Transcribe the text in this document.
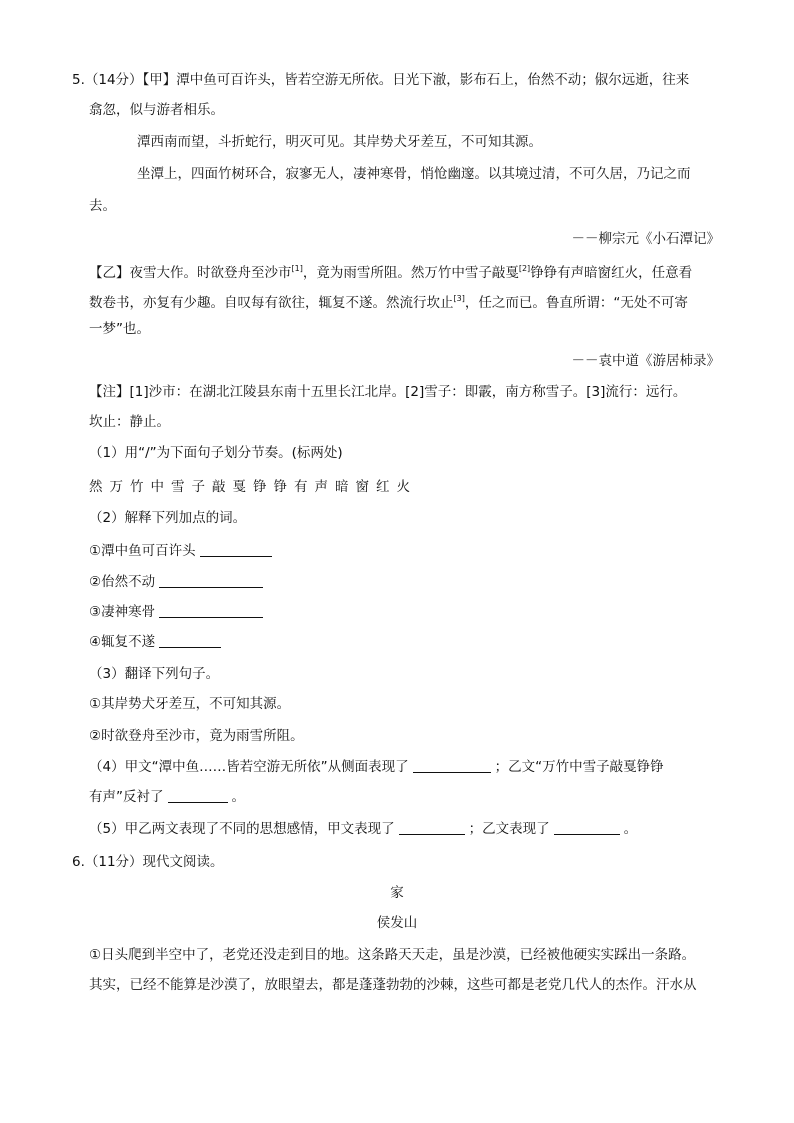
5.（14分）【甲】潭中鱼可百许头，皆若空游无所依。日光下澈，影布石上，佁然不动；俶尔远逝，往来
翕忽，似与游者相乐。
潭西南而望，斗折蛇行，明灭可见。其岸势犬牙差互，不可知其源。
坐潭上，四面竹树环合，寂寥无人，凄神寒骨，悄怆幽邃。以其境过清，不可久居，乃记之而
去。
－－柳宗元《小石潭记》
【乙】夜雪大作。时欲登舟至沙市[1]，竟为雨雪所阻。然万竹中雪子敲戛[2]铮铮有声暗窗红火，任意看
数卷书，亦复有少趣。自叹每有欲往，辄复不遂。然流行坎止[3]，任之而已。鲁直所谓：“无处不可寄
一梦”也。
－－袁中道《游居杮录》
【注】[1]沙市：在湖北江陵县东南十五里长江北岸。[2]雪子：即霰，南方称雪子。[3]流行：远行。
坎止：静止。
（1）用“/”为下面句子划分节奏。(标两处)
然万竹中雪子敲戛铮铮有声暗窗红火
（2）解释下列加点的词。
①潭中鱼可百许头
②佁然不动
③凄神寒骨
④辄复不遂
（3）翻译下列句子。
①其岸势犬牙差互，不可知其源。
②时欲登舟至沙市，竟为雨雪所阻。
（4）甲文“潭中鱼……皆若空游无所依”从侧面表现了	；乙文“万竹中雪子敲戛铮铮
有声”反衬了	。
（5）甲乙两文表现了不同的思想感情，甲文表现了	；乙文表现了	。
6.（11分）现代文阅读。
家
侯发山
①日头爬到半空中了，老党还没走到目的地。这条路天天走，虽是沙漠，已经被他硬实实踩出一条路。
其实，已经不能算是沙漠了，放眼望去，都是蓬蓬勃勃的沙棘，这些可都是老党几代人的杰作。汗水从
